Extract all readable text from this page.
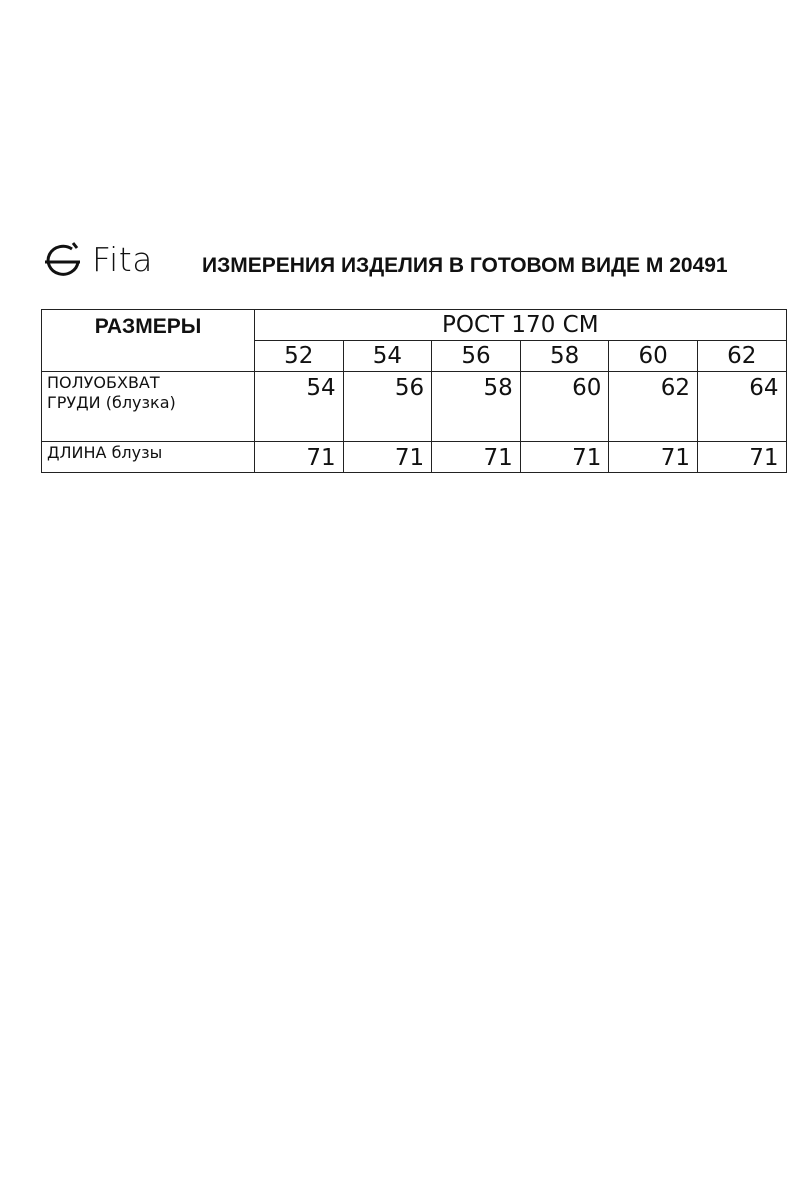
Fita ИЗМЕРЕНИЯ ИЗДЕЛИЯ В ГОТОВОМ ВИДЕ М 20491
РАЗМЕРЫ	РОСТ 170 СМ					
	52	54	56	58	60	62

ПОЛУОБХВАТ
ГРУДИ (блузка)	54	56	58	60	62	64
ДЛИНА блузы	71	71	71	71	71	71
